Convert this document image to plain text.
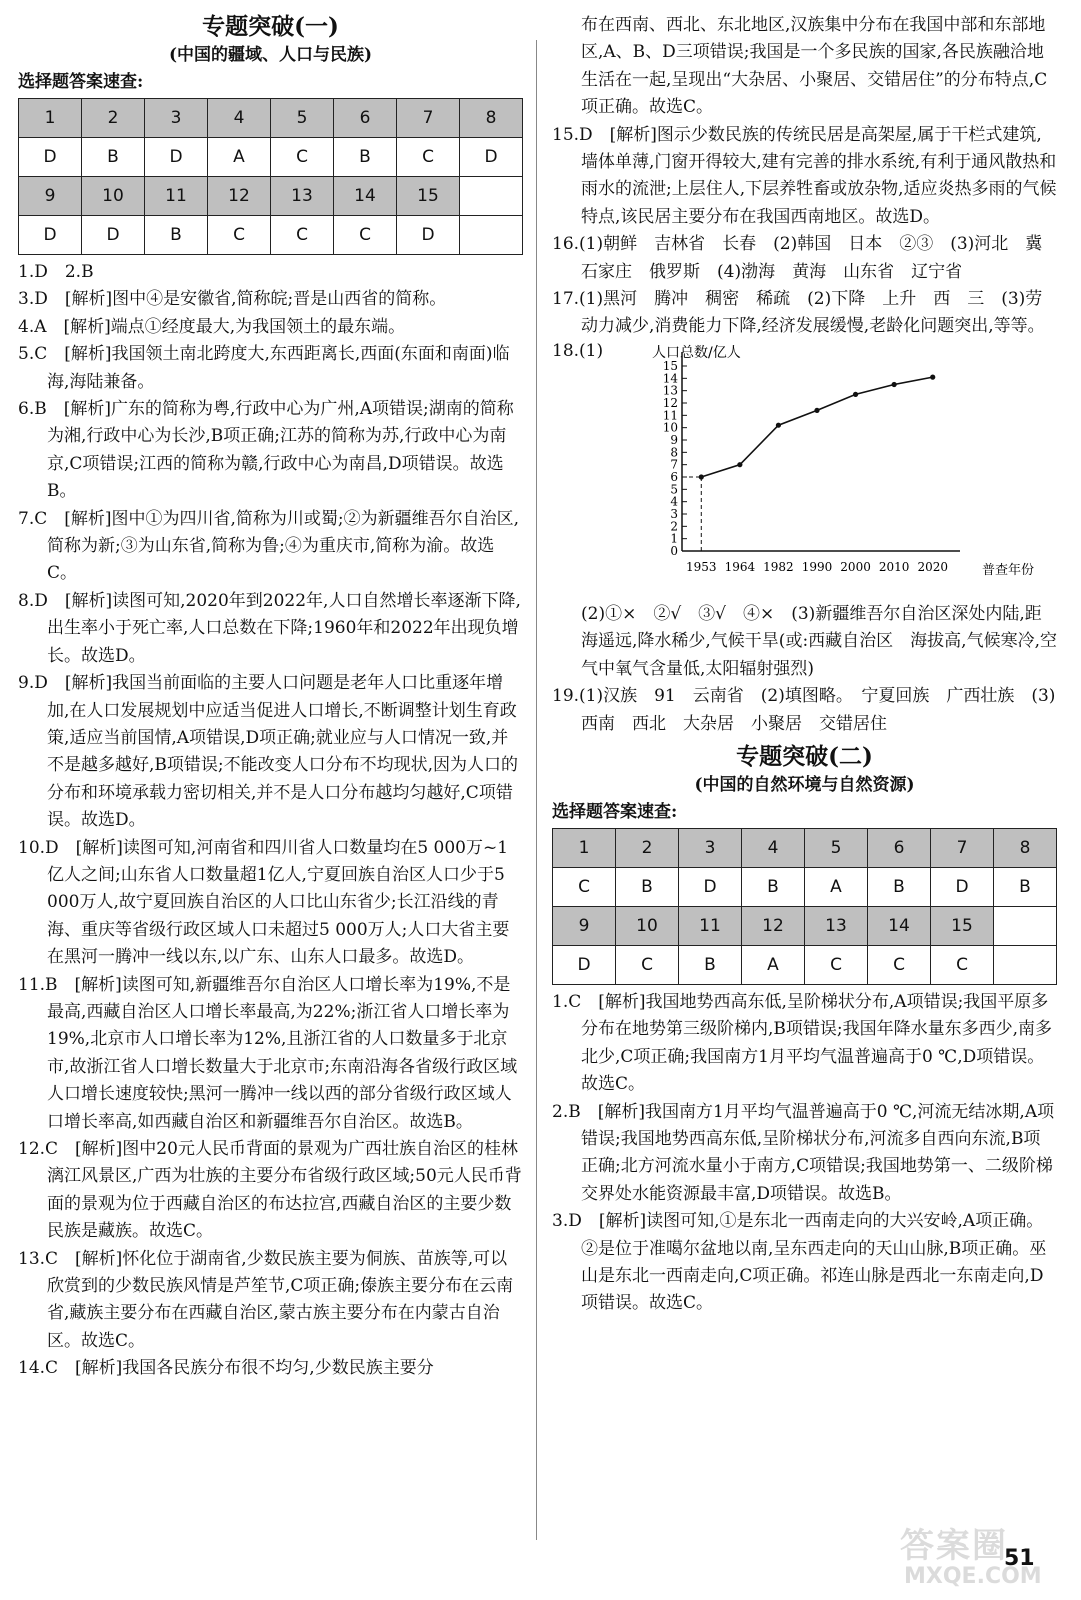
专题突破(一)
(中国的疆域、人口与民族)
选择题答案速查:
1	2	3	4	5	6	7	8
D	B	D	A	C	B	C	D
9	10	11	12	13	14	15	
D	D	B	C	C	C	D	

1.D　2.B

3.D　[解析]图中④是安徽省,简称皖;晋是山西省的简称。

4.A　[解析]端点①经度最大,为我国领土的最东端。

5.C　[解析]我国领土南北跨度大,东西距离长,西面(东面和南面)临海,海陆兼备。

6.B　[解析]广东的简称为粤,行政中心为广州,A项错误;湖南的简称为湘,行政中心为长沙,B项正确;江苏的简称为苏,行政中心为南京,C项错误;江西的简称为赣,行政中心为南昌,D项错误。故选B。

7.C　[解析]图中①为四川省,简称为川或蜀;②为新疆维吾尔自治区,简称为新;③为山东省,简称为鲁;④为重庆市,简称为渝。故选C。

8.D　[解析]读图可知,2020年到2022年,人口自然增长率逐渐下降,出生率小于死亡率,人口总数在下降;1960年和2022年出现负增长。故选D。

9.D　[解析]我国当前面临的主要人口问题是老年人口比重逐年增加,在人口发展规划中应适当促进人口增长,不断调整计划生育政策,适应当前国情,A项错误,D项正确;就业应与人口情况一致,并不是越多越好,B项错误;不能改变人口分布不均现状,因为人口的分布和环境承载力密切相关,并不是人口分布越均匀越好,C项错误。故选D。

10.D　[解析]读图可知,河南省和四川省人口数量均在5 000万~1亿人之间;山东省人口数量超1亿人,宁夏回族自治区人口少于5 000万人,故宁夏回族自治区的人口比山东省少;长江沿线的青海、重庆等省级行政区域人口未超过5 000万人;人口大省主要在黑河一腾冲一线以东,以广东、山东人口最多。故选D。

11.B　[解析]读图可知,新疆维吾尔自治区人口增长率为19%,不是最高,西藏自治区人口增长率最高,为22%;浙江省人口增长率为19%,北京市人口增长率为12%,且浙江省的人口数量多于北京市,故浙江省人口增长数量大于北京市;东南沿海各省级行政区域人口增长速度较快;黑河一腾冲一线以西的部分省级行政区域人口增长率高,如西藏自治区和新疆维吾尔自治区。故选B。

12.C　[解析]图中20元人民币背面的景观为广西壮族自治区的桂林漓江风景区,广西为壮族的主要分布省级行政区域;50元人民币背面的景观为位于西藏自治区的布达拉宫,西藏自治区的主要少数民族是藏族。故选C。

13.C　[解析]怀化位于湖南省,少数民族主要为侗族、苗族等,可以欣赏到的少数民族风情是芦笙节,C项正确;傣族主要分布在云南省,藏族主要分布在西藏自治区,蒙古族主要分布在内蒙古自治区。故选C。

14.C　[解析]我国各民族分布很不均匀,少数民族主要分

布在西南、西北、东北地区,汉族集中分布在我国中部和东部地区,A、B、D三项错误;我国是一个多民族的国家,各民族融洽地生活在一起,呈现出“大杂居、小聚居、交错居住”的分布特点,C项正确。故选C。

15.D　[解析]图示少数民族的传统民居是高架屋,属于干栏式建筑,墙体单薄,门窗开得较大,建有完善的排水系统,有利于通风散热和雨水的流泄;上层住人,下层养牲畜或放杂物,适应炎热多雨的气候特点,该民居主要分布在我国西南地区。故选D。

16.(1)朝鲜　吉林省　长春　(2)韩国　日本　②③　(3)河北　冀　石家庄　俄罗斯　(4)渤海　黄海　山东省　辽宁省

17.(1)黑河　腾冲　稠密　稀疏　(2)下降　上升　西　三　(3)劳动力减少,消费能力下降,经济发展缓慢,老龄化问题突出,等等。

18.(1)	人口总数/亿人
普查年份
0
1
2
3
4
5
6
7
8
9
10
11
12
13
14
15
1953 1964 1982 1990 2000 2010 2020

(2)①×　②√　③√　④×　(3)新疆维吾尔自治区深处内陆,距海遥远,降水稀少,气候干旱(或:西藏自治区　海拔高,气候寒冷,空气中氧气含量低,太阳辐射强烈)

19.(1)汉族　91　云南省　(2)填图略。　宁夏回族　广西壮族　(3)西南　西北　大杂居　小聚居　交错居住

专题突破(二)
(中国的自然环境与自然资源)
选择题答案速查:
1	2	3	4	5	6	7	8
C	B	D	B	A	B	D	B
9	10	11	12	13	14	15	
D	C	B	A	C	C	C	

1.C　[解析]我国地势西高东低,呈阶梯状分布,A项错误;我国平原多分布在地势第三级阶梯内,B项错误;我国年降水量东多西少,南多北少,C项正确;我国南方1月平均气温普遍高于0 ℃,D项错误。故选C。

2.B　[解析]我国南方1月平均气温普遍高于0 ℃,河流无结冰期,A项错误;我国地势西高东低,呈阶梯状分布,河流多自西向东流,B项正确;北方河流水量小于南方,C项错误;我国地势第一、二级阶梯交界处水能资源最丰富,D项错误。故选B。

3.D　[解析]读图可知,①是东北一西南走向的大兴安岭,A项正确。②是位于准噶尔盆地以南,呈东西走向的天山山脉,B项正确。巫山是东北一西南走向,C项正确。祁连山脉是西北一东南走向,D项错误。故选C。

51
答案圈
MXQE.COM
